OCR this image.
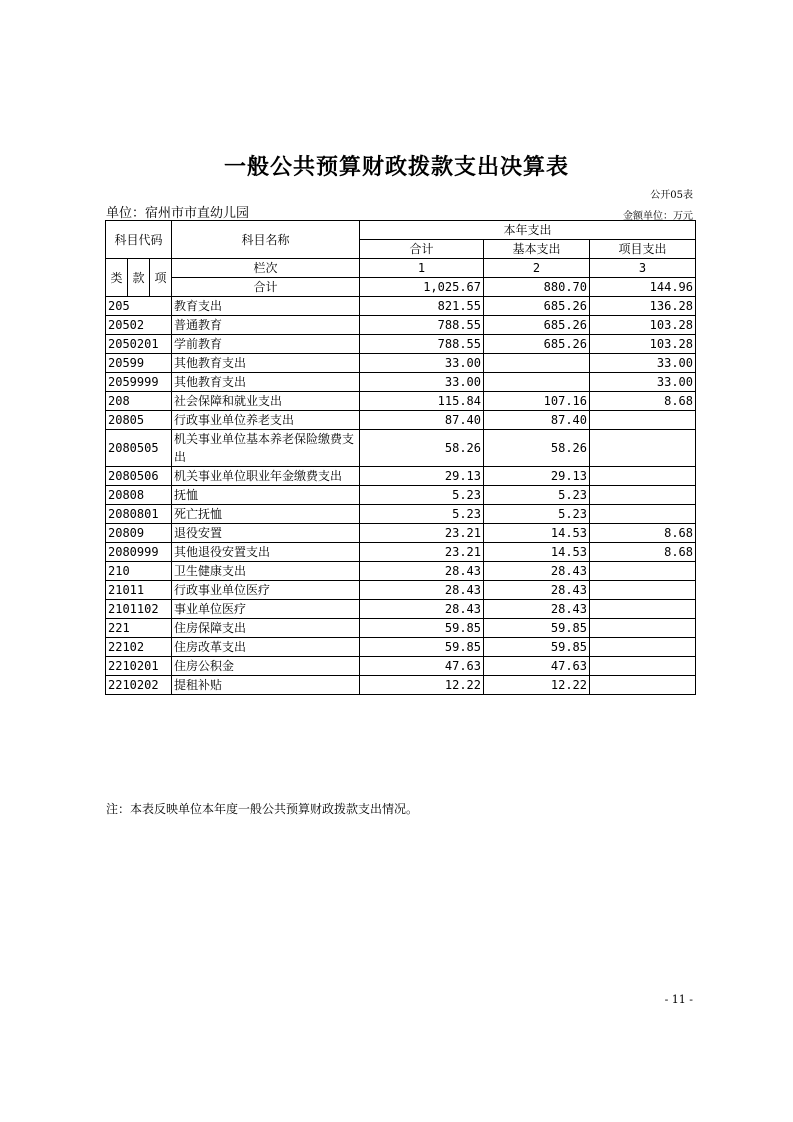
一般公共预算财政拨款支出决算表
公开05表
单位：宿州市市直幼儿园	金额单位：万元
科目代码			科目名称	本年支出		
				合计	基本支出	项目支出
类	款	项	栏次	1	2	3
			合计	1,025.67	880.70	144.96
205			教育支出	821.55	685.26	136.28
20502			普通教育	788.55	685.26	103.28
2050201			学前教育	788.55	685.26	103.28
20599			其他教育支出	33.00		33.00
2059999			其他教育支出	33.00		33.00
208			社会保障和就业支出	115.84	107.16	8.68
20805			行政事业单位养老支出	87.40	87.40	
2080505			机关事业单位基本养老保险缴费支出	58.26	58.26	
2080506			机关事业单位职业年金缴费支出	29.13	29.13	
20808			抚恤	5.23	5.23	
2080801			死亡抚恤	5.23	5.23	
20809			退役安置	23.21	14.53	8.68
2080999			其他退役安置支出	23.21	14.53	8.68
210			卫生健康支出	28.43	28.43	
21011			行政事业单位医疗	28.43	28.43	
2101102			事业单位医疗	28.43	28.43	
221			住房保障支出	59.85	59.85	
22102			住房改革支出	59.85	59.85	
2210201			住房公积金	47.63	47.63	
2210202			提租补贴	12.22	12.22	
注：本表反映单位本年度一般公共预算财政拨款支出情况。
- 11 -
